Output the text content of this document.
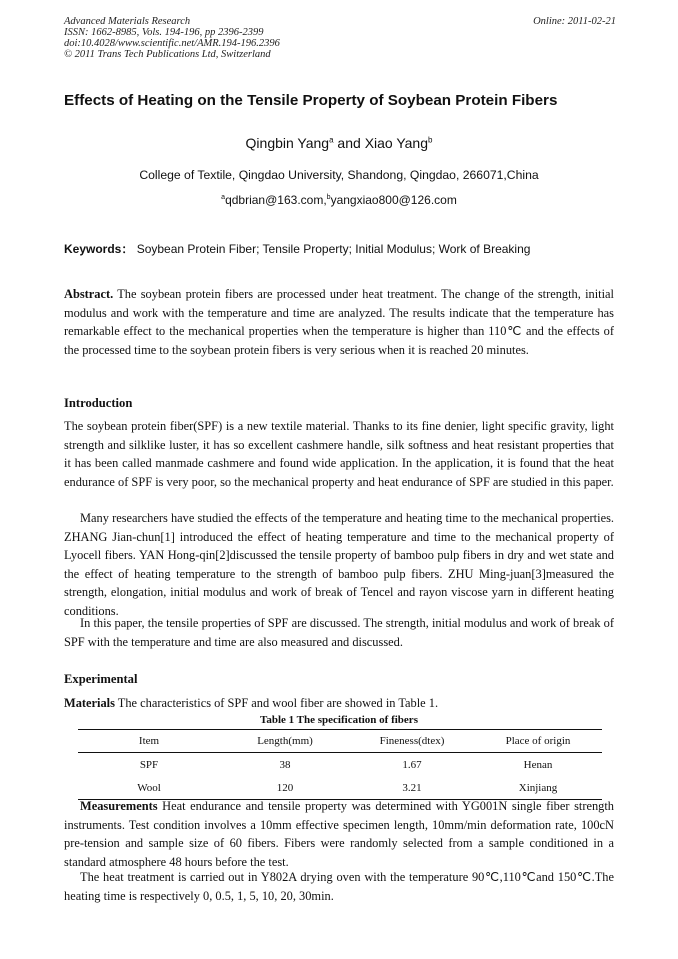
Advanced Materials Research	Online: 2011-02-21
ISSN: 1662-8985, Vols. 194-196, pp 2396-2399
doi:10.4028/www.scientific.net/AMR.194-196.2396
© 2011 Trans Tech Publications Ltd, Switzerland
Effects of Heating on the Tensile Property of Soybean Protein Fibers
Qingbin Yang$^a$ and Xiao Yang$^b$
College of Textile, Qingdao University, Shandong, Qingdao, 266071,China
$^a$qdbrian@163.com,$^b$yangxiao800@126.com
Keywords： Soybean Protein Fiber; Tensile Property; Initial Modulus; Work of Breaking
Abstract. The soybean protein fibers are processed under heat treatment. The change of the strength, initial modulus and work with the temperature and time are analyzed. The results indicate that the temperature has remarkable effect to the mechanical properties when the temperature is higher than 110℃ and the effects of the processed time to the soybean protein fibers is very serious when it is reached 20 minutes.
Introduction
The soybean protein fiber(SPF) is a new textile material. Thanks to its fine denier, light specific gravity, light strength and silklike luster, it has so excellent cashmere handle, silk softness and heat resistant properties that it has been called manmade cashmere and found wide application. In the application, it is found that the heat endurance of SPF is very poor, so the mechanical property and heat endurance of SPF are studied in this paper.
Many researchers have studied the effects of the temperature and heating time to the mechanical properties. ZHANG Jian-chun[1] introduced the effect of heating temperature and time to the mechanical property of Lyocell fibers. YAN Hong-qin[2]discussed the tensile property of bamboo pulp fibers in dry and wet state and the effect of heating temperature to the strength of bamboo pulp fibers. ZHU Ming-juan[3]measured the strength, elongation, initial modulus and work of break of Tencel and rayon viscose yarn in different heating conditions.
In this paper, the tensile properties of SPF are discussed. The strength, initial modulus and work of break of SPF with the temperature and time are also measured and discussed.
Experimental
Materials The characteristics of SPF and wool fiber are showed in Table 1.
Table 1 The specification of fibers
Item	Length(mm)	Fineness(dtex)	Place of origin
SPF	38	1.67	Henan
Wool	120	3.21	Xinjiang
Measurements Heat endurance and tensile property was determined with YG001N single fiber strength instruments. Test condition involves a 10mm effective specimen length, 10mm/min deformation rate, 100cN pre-tension and sample size of 60 fibers. Fibers were randomly selected from a sample conditioned in a standard atmosphere 48 hours before the test.
The heat treatment is carried out in Y802A drying oven with the temperature 90℃,110℃and 150℃.The heating time is respectively 0, 0.5, 1, 5, 10, 20, 30min.
